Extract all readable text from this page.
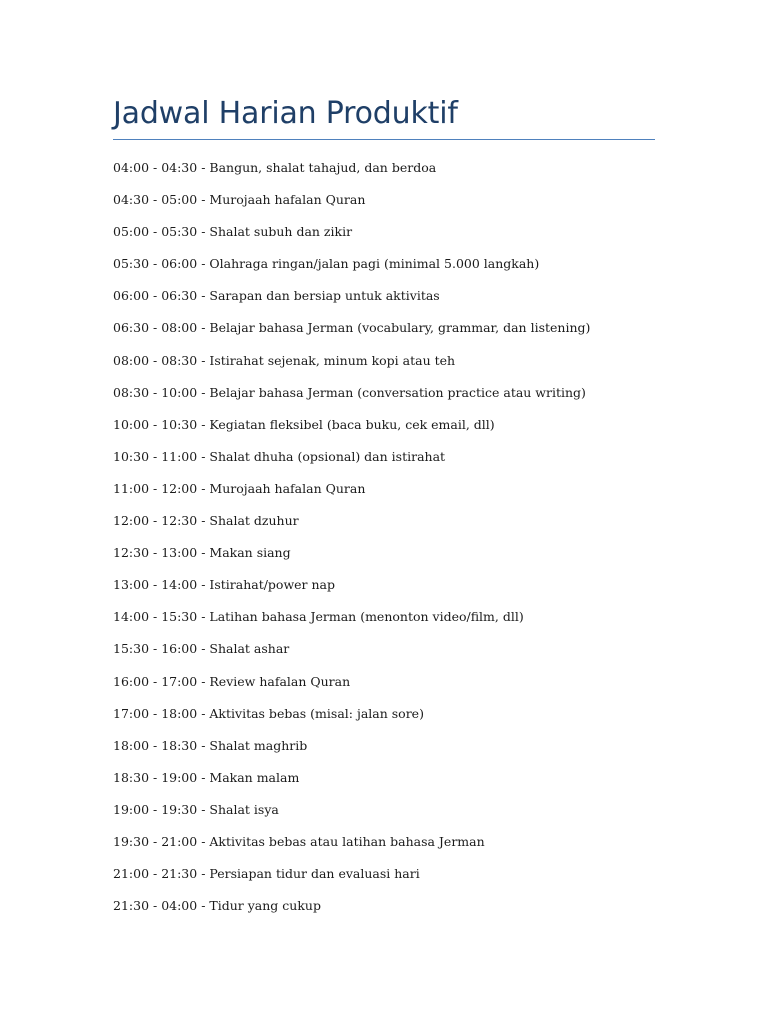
Jadwal Harian Produktif
04:00 - 04:30 - Bangun, shalat tahajud, dan berdoa
04:30 - 05:00 - Murojaah hafalan Quran
05:00 - 05:30 - Shalat subuh dan zikir
05:30 - 06:00 - Olahraga ringan/jalan pagi (minimal 5.000 langkah)
06:00 - 06:30 - Sarapan dan bersiap untuk aktivitas
06:30 - 08:00 - Belajar bahasa Jerman (vocabulary, grammar, dan listening)
08:00 - 08:30 - Istirahat sejenak, minum kopi atau teh
08:30 - 10:00 - Belajar bahasa Jerman (conversation practice atau writing)
10:00 - 10:30 - Kegiatan fleksibel (baca buku, cek email, dll)
10:30 - 11:00 - Shalat dhuha (opsional) dan istirahat
11:00 - 12:00 - Murojaah hafalan Quran
12:00 - 12:30 - Shalat dzuhur
12:30 - 13:00 - Makan siang
13:00 - 14:00 - Istirahat/power nap
14:00 - 15:30 - Latihan bahasa Jerman (menonton video/film, dll)
15:30 - 16:00 - Shalat ashar
16:00 - 17:00 - Review hafalan Quran
17:00 - 18:00 - Aktivitas bebas (misal: jalan sore)
18:00 - 18:30 - Shalat maghrib
18:30 - 19:00 - Makan malam
19:00 - 19:30 - Shalat isya
19:30 - 21:00 - Aktivitas bebas atau latihan bahasa Jerman
21:00 - 21:30 - Persiapan tidur dan evaluasi hari
21:30 - 04:00 - Tidur yang cukup
